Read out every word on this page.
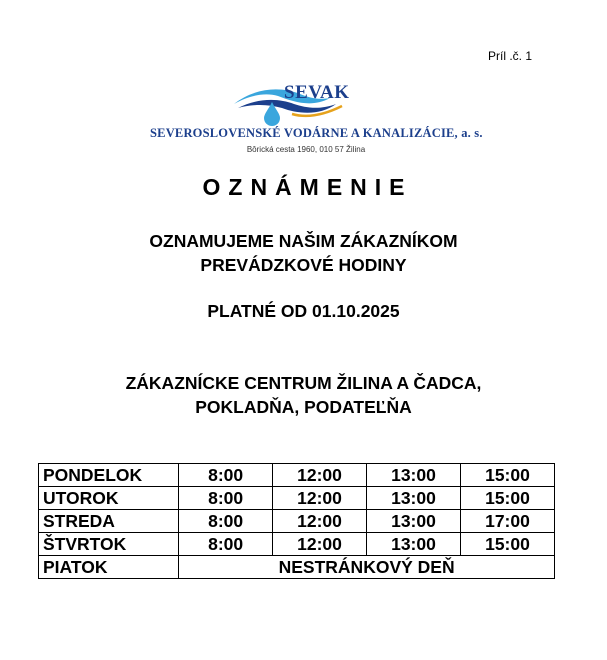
Príl .č. 1
SEVAK
SEVEROSLOVENSKÉ VODÁRNE A KANALIZÁCIE, a. s.
Bôrická cesta 1960, 010 57 Žilina
OZNÁMENIE
OZNAMUJEME NAŠIM ZÁKAZNÍKOM
PREVÁDZKOVÉ HODINY
PLATNÉ OD 01.10.2025
ZÁKAZNÍCKE CENTRUM ŽILINA A ČADCA,
POKLADŇA, PODATEĽŇA
PONDELOK	8:00	12:00	13:00	15:00
UTOROK	8:00	12:00	13:00	15:00
STREDA	8:00	12:00	13:00	17:00
ŠTVRTOK	8:00	12:00	13:00	15:00
PIATOK	NESTRÁNKOVÝ DEŇ			
